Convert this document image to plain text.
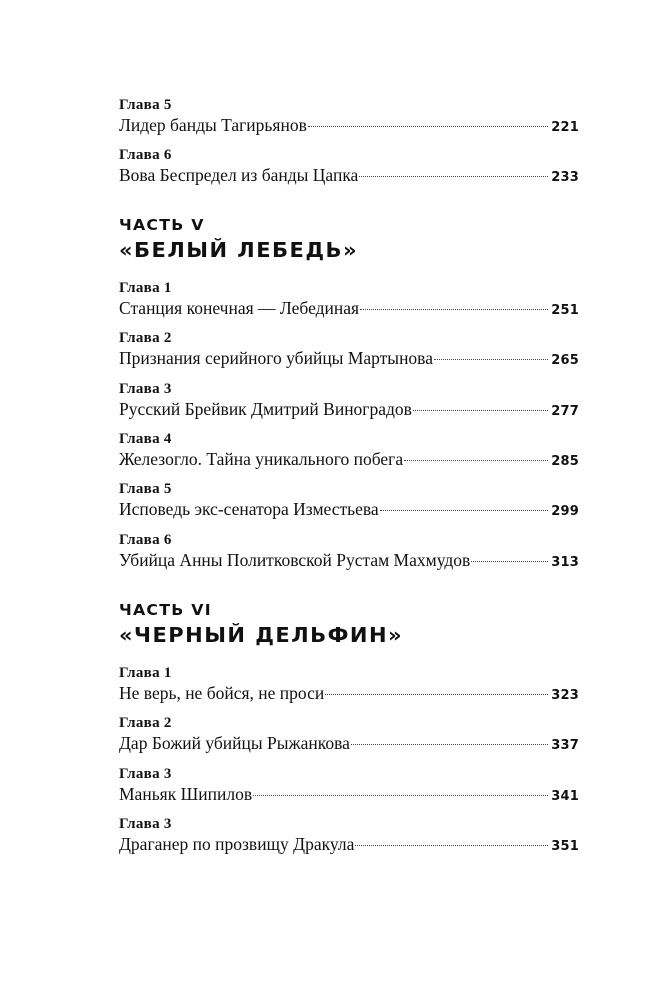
Глава 5
Лидер банды Тагирьянов	221
Глава 6
Вова Беспредел из банды Цапка	233
ЧАСТЬ V
«БЕЛЫЙ ЛЕБЕДЬ»
Глава 1
Станция конечная — Лебединая	251
Глава 2
Признания серийного убийцы Мартынова	265
Глава 3
Русский Брейвик Дмитрий Виноградов	277
Глава 4
Железогло. Тайна уникального побега	285
Глава 5
Исповедь экс-сенатора Изместьева	299
Глава 6
Убийца Анны Политковской Рустам Махмудов	313
ЧАСТЬ VI
«ЧЕРНЫЙ ДЕЛЬФИН»
Глава 1
Не верь, не бойся, не проси	323
Глава 2
Дар Божий убийцы Рыжанкова	337
Глава 3
Маньяк Шипилов	341
Глава 3
Драганер по прозвищу Дракула	351
